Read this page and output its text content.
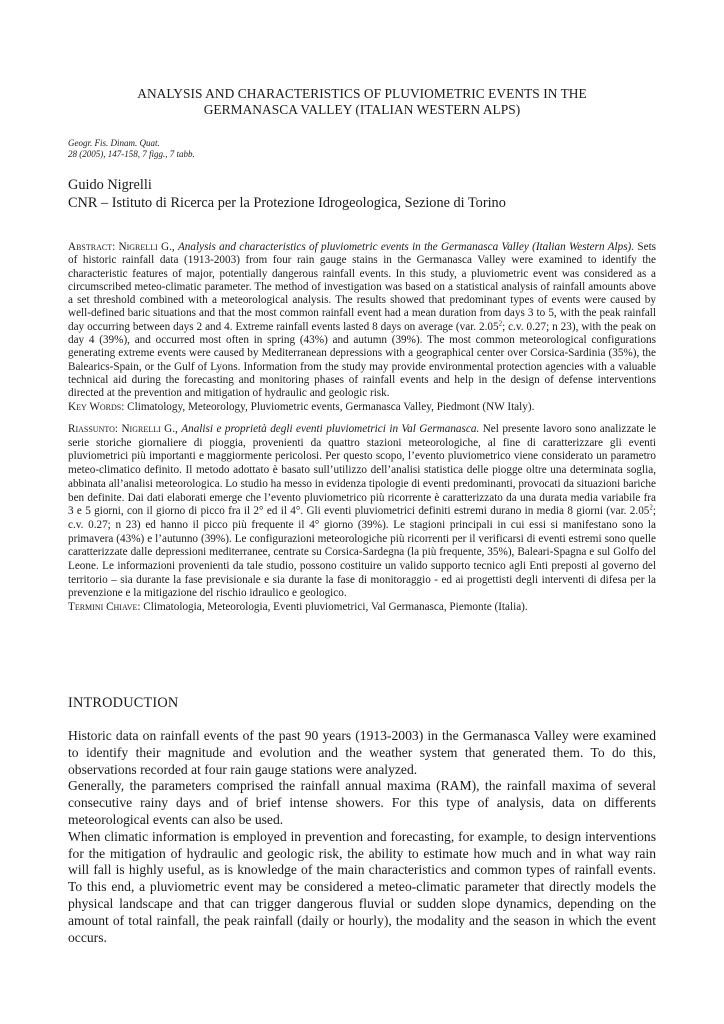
ANALYSIS AND CHARACTERISTICS OF PLUVIOMETRIC EVENTS IN THE
GERMANASCA VALLEY (ITALIAN WESTERN ALPS)
Geogr. Fis. Dinam. Quat.
28 (2005), 147-158, 7 figg., 7 tabb.
Guido Nigrelli
CNR – Istituto di Ricerca per la Protezione Idrogeologica, Sezione di Torino
Abstract: Nigrelli G., Analysis and characteristics of pluviometric events in the Germanasca Valley (Italian Western Alps). Sets of historic rainfall data (1913-2003) from four rain gauge stains in the Germanasca Valley were examined to identify the characteristic features of major, potentially dangerous rainfall events. In this study, a pluviometric event was considered as a circumscribed meteo-climatic parameter. The method of investigation was based on a statistical analysis of rainfall amounts above a set threshold combined with a meteorological analysis. The results showed that predominant types of events were caused by well-defined baric situations and that the most common rainfall event had a mean duration from days 3 to 5, with the peak rainfall day occurring between days 2 and 4. Extreme rainfall events lasted 8 days on average (var. 2.05$^2$; c.v. 0.27; n 23), with the peak on day 4 (39%), and occurred most often in spring (43%) and autumn (39%). The most common meteorological configurations generating extreme events were caused by Mediterranean depressions with a geographical center over Corsica-Sardinia (35%), the Balearics-Spain, or the Gulf of Lyons. Information from the study may provide environmental protection agencies with a valuable technical aid during the forecasting and monitoring phases of rainfall events and help in the design of defense interventions directed at the prevention and mitigation of hydraulic and geologic risk.
Key Words: Climatology, Meteorology, Pluviometric events, Germanasca Valley, Piedmont (NW Italy).
Riassunto: Nigrelli G., Analisi e proprietà degli eventi pluviometrici in Val Germanasca. Nel presente lavoro sono analizzate le serie storiche giornaliere di pioggia, provenienti da quattro stazioni meteorologiche, al fine di caratterizzare gli eventi pluviometrici più importanti e maggiormente pericolosi. Per questo scopo, l’evento pluviometrico viene considerato un parametro meteo-climatico definito. Il metodo adottato è basato sull’utilizzo dell’analisi statistica delle piogge oltre una determinata soglia, abbinata all’analisi meteorologica. Lo studio ha messo in evidenza tipologie di eventi predominanti, provocati da situazioni bariche ben definite. Dai dati elaborati emerge che l’evento pluviometrico più ricorrente è caratterizzato da una durata media variabile fra 3 e 5 giorni, con il giorno di picco fra il 2° ed il 4°. Gli eventi pluviometrici definiti estremi durano in media 8 giorni (var. 2.05$^2$; c.v. 0.27; n 23) ed hanno il picco più frequente il 4° giorno (39%). Le stagioni principali in cui essi si manifestano sono la primavera (43%) e l’autunno (39%). Le configurazioni meteorologiche più ricorrenti per il verificarsi di eventi estremi sono quelle caratterizzate dalle depressioni mediterranee, centrate su Corsica-Sardegna (la più frequente, 35%), Baleari-Spagna e sul Golfo del Leone. Le informazioni provenienti da tale studio, possono costituire un valido supporto tecnico agli Enti preposti al governo del territorio – sia durante la fase previsionale e sia durante la fase di monitoraggio - ed ai progettisti degli interventi di difesa per la prevenzione e la mitigazione del rischio idraulico e geologico.
Termini Chiave: Climatologia, Meteorologia, Eventi pluviometrici, Val Germanasca, Piemonte (Italia).
INTRODUCTION

Historic data on rainfall events of the past 90 years (1913-2003) in the Germanasca Valley were examined to identify their magnitude and evolution and the weather system that generated them. To do this, observations recorded at four rain gauge stations were analyzed.

Generally, the parameters comprised the rainfall annual maxima (RAM), the rainfall maxima of several consecutive rainy days and of brief intense showers. For this type of analysis, data on differents meteorological events can also be used.

When climatic information is employed in prevention and forecasting, for example, to design interventions for the mitigation of hydraulic and geologic risk, the ability to estimate how much and in what way rain will fall is highly useful, as is knowledge of the main characteristics and common types of rainfall events. To this end, a pluviometric event may be considered a meteo-climatic parameter that directly models the physical landscape and that can trigger dangerous fluvial or sudden slope dynamics, depending on the amount of total rainfall, the peak rainfall (daily or hourly), the modality and the season in which the event occurs.
